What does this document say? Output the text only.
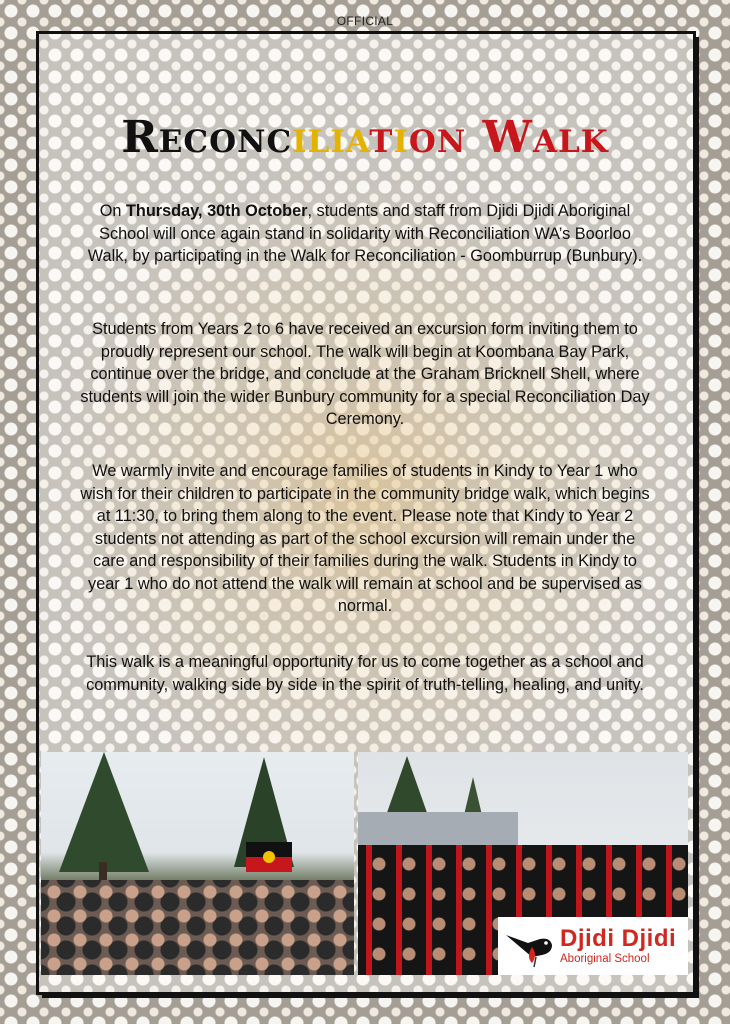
OFFICIAL
Reconciliation Walk
On Thursday, 30th October, students and staff from Djidi Djidi Aboriginal School will once again stand in solidarity with Reconciliation WA’s Boorloo Walk, by participating in the Walk for Reconciliation - Goomburrup (Bunbury).
Students from Years 2 to 6 have received an excursion form inviting them to proudly represent our school. The walk will begin at Koombana Bay Park, continue over the bridge, and conclude at the Graham Bricknell Shell, where students will join the wider Bunbury community for a special Reconciliation Day Ceremony.
We warmly invite and encourage families of students in Kindy to Year 1 who wish for their children to participate in the community bridge walk, which begins at 11:30, to bring them along to the event. Please note that Kindy to Year 2 students not attending as part of the school excursion will remain under the care and responsibility of their families during the walk. Students in Kindy to year 1 who do not attend the walk will remain at school and be supervised as normal.
This walk is a meaningful opportunity for us to come together as a school and community, walking side by side in the spirit of truth-telling, healing, and unity.
Djidi Djidi
Aboriginal School
